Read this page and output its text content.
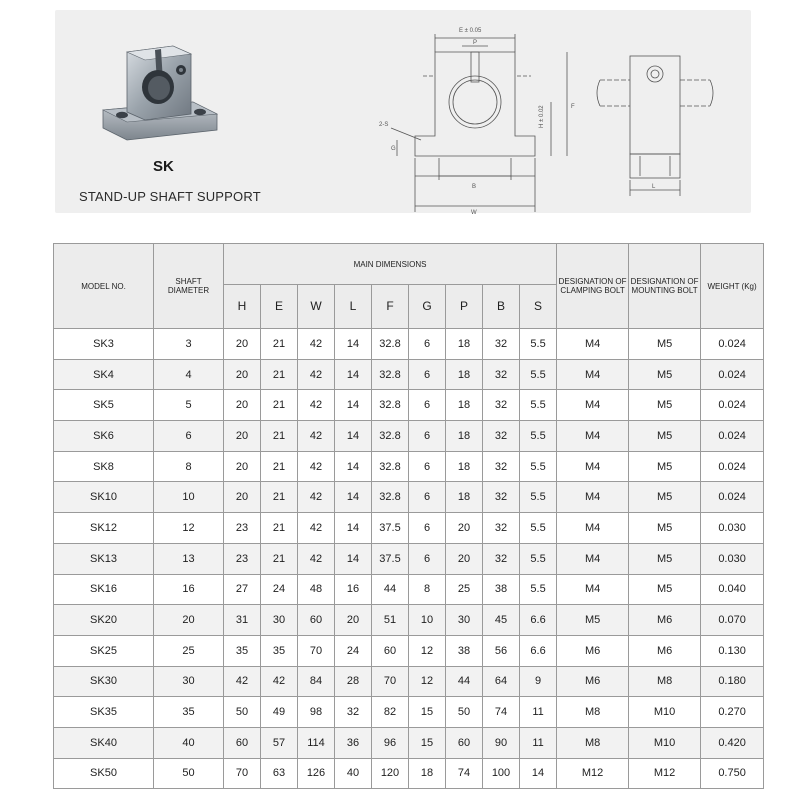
SK
STAND-UP SHAFT SUPPORT
E ± 0.05
P
2-S
G
H ± 0.02	F
B
W
L
MODEL NO.	SHAFT DIAMETER	MAIN DIMENSIONS									DESIGNATION OF CLAMPING BOLT	DESIGNATION OF MOUNTING BOLT	WEIGHT (Kg)
		H	E	W	L	F	G	P	B	S			
SK3	3	20	21	42	14	32.8	6	18	32	5.5	M4	M5	0.024
SK4	4	20	21	42	14	32.8	6	18	32	5.5	M4	M5	0.024
SK5	5	20	21	42	14	32.8	6	18	32	5.5	M4	M5	0.024
SK6	6	20	21	42	14	32.8	6	18	32	5.5	M4	M5	0.024
SK8	8	20	21	42	14	32.8	6	18	32	5.5	M4	M5	0.024
SK10	10	20	21	42	14	32.8	6	18	32	5.5	M4	M5	0.024
SK12	12	23	21	42	14	37.5	6	20	32	5.5	M4	M5	0.030
SK13	13	23	21	42	14	37.5	6	20	32	5.5	M4	M5	0.030
SK16	16	27	24	48	16	44	8	25	38	5.5	M4	M5	0.040
SK20	20	31	30	60	20	51	10	30	45	6.6	M5	M6	0.070
SK25	25	35	35	70	24	60	12	38	56	6.6	M6	M6	0.130
SK30	30	42	42	84	28	70	12	44	64	9	M6	M8	0.180
SK35	35	50	49	98	32	82	15	50	74	11	M8	M10	0.270
SK40	40	60	57	114	36	96	15	60	90	11	M8	M10	0.420
SK50	50	70	63	126	40	120	18	74	100	14	M12	M12	0.750
